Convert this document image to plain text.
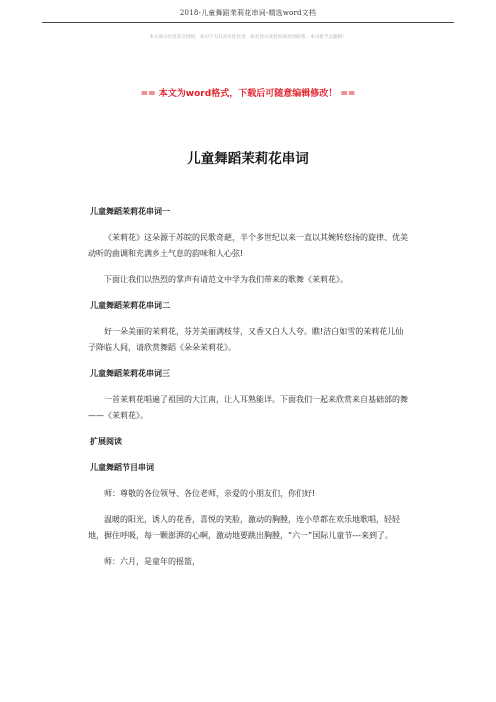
2018-儿童舞蹈茉莉花串词-精选word文档
本文部分内容来自网络，本司不为其真实性负责，如有异议或侵权请及时联系，本司将予以删除！
== 本文为word格式，下载后可随意编辑修改！ ==
儿童舞蹈茉莉花串词

儿童舞蹈茉莉花串词一

《茉莉花》这朵源于苏皖的民歌奇葩，半个多世纪以来一直以其婉转悠扬的旋律、优美动听的曲调和充满乡土气息的韵味和人心弦!

下面让我们以热烈的掌声有请范文中学为我们带来的歌舞《茉莉花》。

儿童舞蹈茉莉花串词二

好一朵美丽的茉莉花，芬芳美丽满枝芽，又香又白人人夸。瞧!洁白如雪的茉莉花儿仙子降临人间，请欣赏舞蹈《朵朵茉莉花》。

儿童舞蹈茉莉花串词三

一首茉莉花唱遍了祖国的大江南，让人耳熟能详。下面我们一起来欣赏来自基础部的舞 ——《茉莉花》。

扩展阅读

儿童舞蹈节目串词

师：尊敬的各位领导、各位老师，亲爱的小朋友们，你们好!

温暖的阳光，诱人的花香，喜悦的笑脸，激动的胸膛，连小草都在欢乐地歌唱，轻轻地，摒住呼吸，每一颗澎湃的心啊，激动地要跳出胸膛，“六一”国际儿童节---来到了。

师：六月，是童年的摇篮，
